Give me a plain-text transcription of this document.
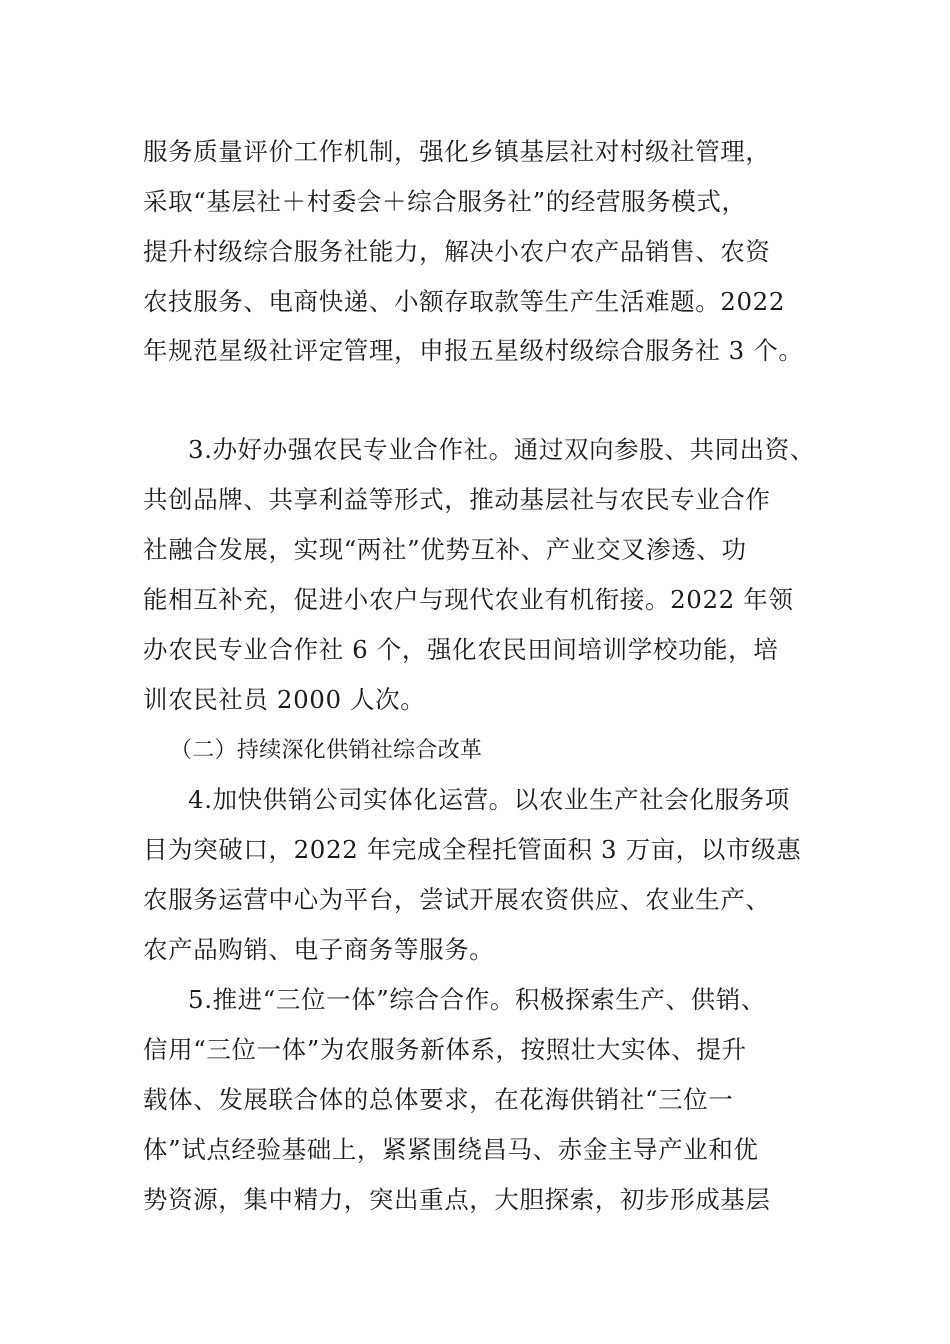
服务质量评价工作机制，强化乡镇基层社对村级社管理，
采取“基层社＋村委会＋综合服务社”的经营服务模式，
提升村级综合服务社能力，解决小农户农产品销售、农资
农技服务、电商快递、小额存取款等生产生活难题。2022
年规范星级社评定管理，申报五星级村级综合服务社 3 个。
3.办好办强农民专业合作社。通过双向参股、共同出资、
共创品牌、共享利益等形式，推动基层社与农民专业合作
社融合发展，实现“两社”优势互补、产业交叉渗透、功
能相互补充，促进小农户与现代农业有机衔接。2022 年领
办农民专业合作社 6 个，强化农民田间培训学校功能，培
训农民社员 2000 人次。
（二）持续深化供销社综合改革
4.加快供销公司实体化运营。以农业生产社会化服务项
目为突破口，2022 年完成全程托管面积 3 万亩，以市级惠
农服务运营中心为平台，尝试开展农资供应、农业生产、
农产品购销、电子商务等服务。
5.推进“三位一体”综合合作。积极探索生产、供销、
信用“三位一体”为农服务新体系，按照壮大实体、提升
载体、发展联合体的总体要求，在花海供销社“三位一
体”试点经验基础上，紧紧围绕昌马、赤金主导产业和优
势资源，集中精力，突出重点，大胆探索，初步形成基层
